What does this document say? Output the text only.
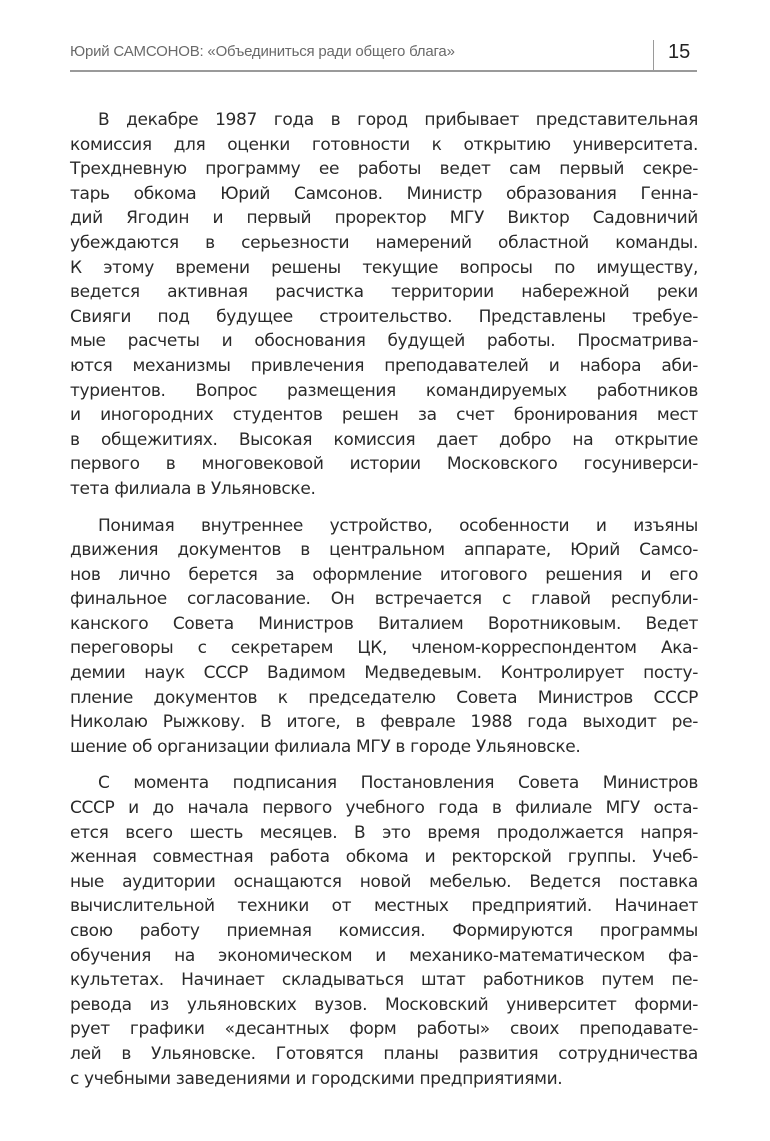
Юрий САМСОНОВ: «Объединиться ради общего блага»	15
В декабре 1987 года в город прибывает представительная
комиссия для оценки готовности к открытию университета.
Трехдневную программу ее работы ведет сам первый секре-
тарь обкома Юрий Самсонов. Министр образования Генна-
дий Ягодин и первый проректор МГУ Виктор Садовничий
убеждаются в серьезности намерений областной команды.
К этому времени решены текущие вопросы по имуществу,
ведется активная расчистка территории набережной реки
Свияги под будущее строительство. Представлены требуе-
мые расчеты и обоснования будущей работы. Просматрива-
ются механизмы привлечения преподавателей и набора аби-
туриентов. Вопрос размещения командируемых работников
и иногородних студентов решен за счет бронирования мест
в общежитиях. Высокая комиссия дает добро на открытие
первого в многовековой истории Московского госуниверси-
тета филиала в Ульяновске.
Понимая внутреннее устройство, особенности и изъяны
движения документов в центральном аппарате, Юрий Самсо-
нов лично берется за оформление итогового решения и его
финальное согласование. Он встречается с главой республи-
канского Совета Министров Виталием Воротниковым. Ведет
переговоры с секретарем ЦК, членом-корреспондентом Ака-
демии наук СССР Вадимом Медведевым. Контролирует посту-
пление документов к председателю Совета Министров СССР
Николаю Рыжкову. В итоге, в феврале 1988 года выходит ре-
шение об организации филиала МГУ в городе Ульяновске.
С момента подписания Постановления Совета Министров
СССР и до начала первого учебного года в филиале МГУ оста-
ется всего шесть месяцев. В это время продолжается напря-
женная совместная работа обкома и ректорской группы. Учеб-
ные аудитории оснащаются новой мебелью. Ведется поставка
вычислительной техники от местных предприятий. Начинает
свою работу приемная комиссия. Формируются программы
обучения на экономическом и механико-математическом фа-
культетах. Начинает складываться штат работников путем пе-
ревода из ульяновских вузов. Московский университет форми-
рует графики «десантных форм работы» своих преподавате-
лей в Ульяновске. Готовятся планы развития сотрудничества
с учебными заведениями и городскими предприятиями.
